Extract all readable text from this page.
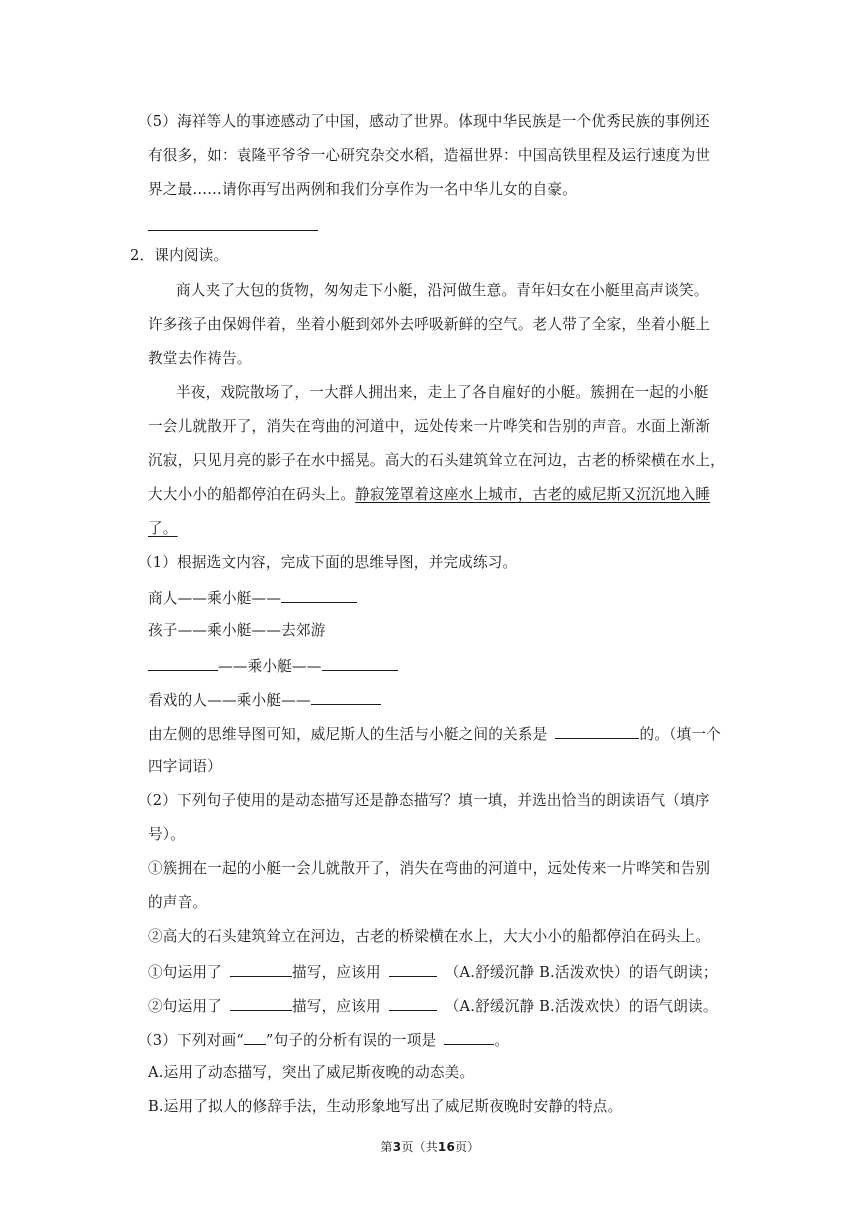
（5）海祥等人的事迹感动了中国，感动了世界。体现中华民族是一个优秀民族的事例还
有很多，如：袁隆平爷爷一心研究杂交水稻，造福世界：中国高铁里程及运行速度为世
界之最……请你再写出两例和我们分享作为一名中华儿女的自豪。
2．课内阅读。
商人夹了大包的货物，匆匆走下小艇，沿河做生意。青年妇女在小艇里高声谈笑。
许多孩子由保姆伴着，坐着小艇到郊外去呼吸新鲜的空气。老人带了全家，坐着小艇上
教堂去作祷告。
半夜，戏院散场了，一大群人拥出来，走上了各自雇好的小艇。簇拥在一起的小艇
一会儿就散开了，消失在弯曲的河道中，远处传来一片哗笑和告别的声音。水面上渐渐
沉寂，只见月亮的影子在水中摇晃。高大的石头建筑耸立在河边，古老的桥梁横在水上，
大大小小的船都停泊在码头上。静寂笼罩着这座水上城市，古老的威尼斯又沉沉地入睡
了。
（1）根据选文内容，完成下面的思维导图，并完成练习。
商人——乘小艇——
孩子——乘小艇——去郊游
——乘小艇——
看戏的人——乘小艇——
由左侧的思维导图可知，威尼斯人的生活与小艇之间的关系是	的。（填一个
四字词语）
（2）下列句子使用的是动态描写还是静态描写？填一填，并选出恰当的朗读语气（填序
号）。
①簇拥在一起的小艇一会儿就散开了，消失在弯曲的河道中，远处传来一片哗笑和告别
的声音。
②高大的石头建筑耸立在河边，古老的桥梁横在水上，大大小小的船都停泊在码头上。
①句运用了	描写，应该用	（A.舒缓沉静 B.活泼欢快）的语气朗读；
②句运用了	描写，应该用	（A.舒缓沉静 B.活泼欢快）的语气朗读。
（3）下列对画“ ”句子的分析有误的一项是	。
A.运用了动态描写，突出了威尼斯夜晚的动态美。
B.运用了拟人的修辞手法，生动形象地写出了威尼斯夜晚时安静的特点。
第3页（共16页）
